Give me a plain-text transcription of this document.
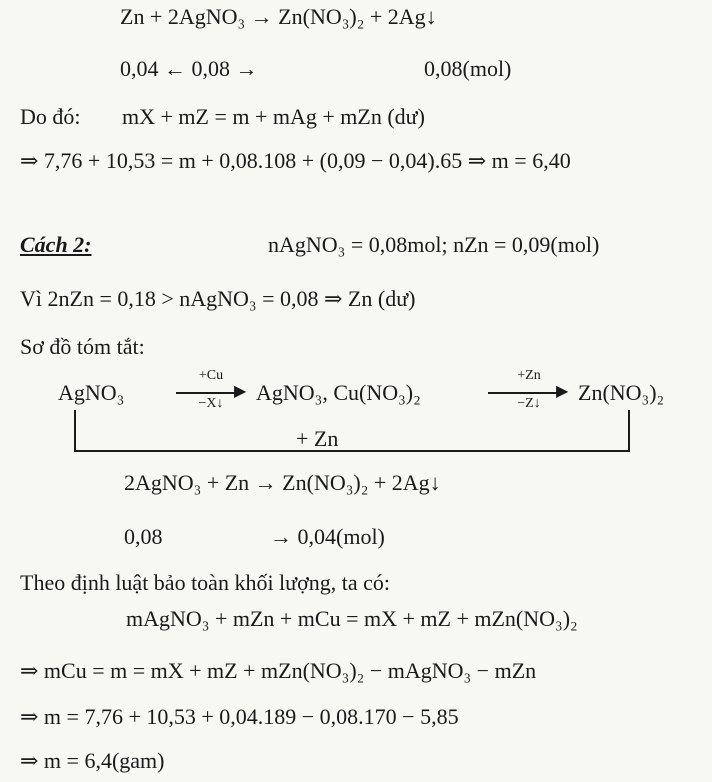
Zn + 2AgNO₃ → Zn(NO₃)₂ + 2Ag↓
0,04 ← 0,08 →	0,08(mol)
Do đó: mX + mZ = m + mAg + mZn (dư)
⇒ 7,76 + 10,53 = m + 0,08.108 + (0,09 − 0,04).65 ⇒ m = 6,40
Cách 2:	nAgNO₃ = 0,08mol; nZn = 0,09(mol)
Vì 2nZn = 0,18 > nAgNO₃ = 0,08 ⇒ Zn (dư)
Sơ đồ tóm tắt:
AgNO₃
+Cu
▶
−X↓	AgNO₃, Cu(NO₃)₂
+Zn
▶
−Z↓	Zn(NO₃)₂
+ Zn
2AgNO₃ + Zn → Zn(NO₃)₂ + 2Ag↓
0,08	→ 0,04(mol)
Theo định luật bảo toàn khối lượng, ta có:
mAgNO₃ + mZn + mCu = mX + mZ + mZn(NO₃)₂
⇒ mCu = m = mX + mZ + mZn(NO₃)₂ − mAgNO₃ − mZn
⇒ m = 7,76 + 10,53 + 0,04.189 − 0,08.170 − 5,85
⇒ m = 6,4(gam)
